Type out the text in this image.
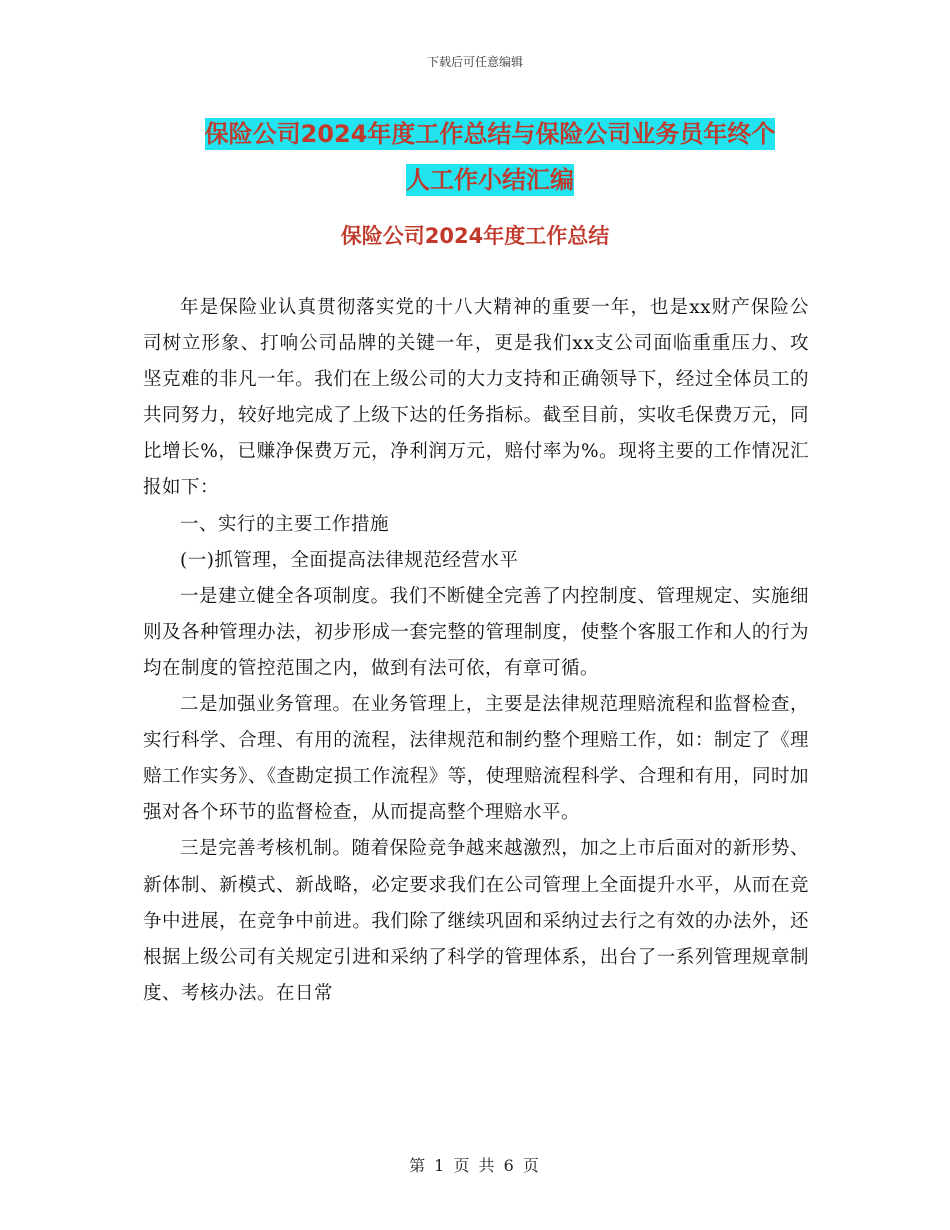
下载后可任意编辑
保险公司2024年度工作总结与保险公司业务员年终个
人工作小结汇编
保险公司2024年度工作总结

年是保险业认真贯彻落实党的十八大精神的重要一年，也是xx财产保险公司树立形象、打响公司品牌的关键一年，更是我们xx支公司面临重重压力、攻坚克难的非凡一年。我们在上级公司的大力支持和正确领导下，经过全体员工的共同努力，较好地完成了上级下达的任务指标。截至目前，实收毛保费万元，同比增长%，已赚净保费万元，净利润万元，赔付率为%。现将主要的工作情况汇报如下：

一、实行的主要工作措施

(一)抓管理，全面提高法律规范经营水平

一是建立健全各项制度。我们不断健全完善了内控制度、管理规定、实施细则及各种管理办法，初步形成一套完整的管理制度，使整个客服工作和人的行为均在制度的管控范围之内，做到有法可依，有章可循。

二是加强业务管理。在业务管理上，主要是法律规范理赔流程和监督检查，实行科学、合理、有用的流程，法律规范和制约整个理赔工作，如：制定了《理赔工作实务》、《查勘定损工作流程》等，使理赔流程科学、合理和有用，同时加强对各个环节的监督检查，从而提高整个理赔水平。

三是完善考核机制。随着保险竞争越来越激烈，加之上市后面对的新形势、新体制、新模式、新战略，必定要求我们在公司管理上全面提升水平，从而在竞争中进展，在竞争中前进。我们除了继续巩固和采纳过去行之有效的办法外，还根据上级公司有关规定引进和采纳了科学的管理体系，出台了一系列管理规章制度、考核办法。在日常

第 1 页 共 6 页
